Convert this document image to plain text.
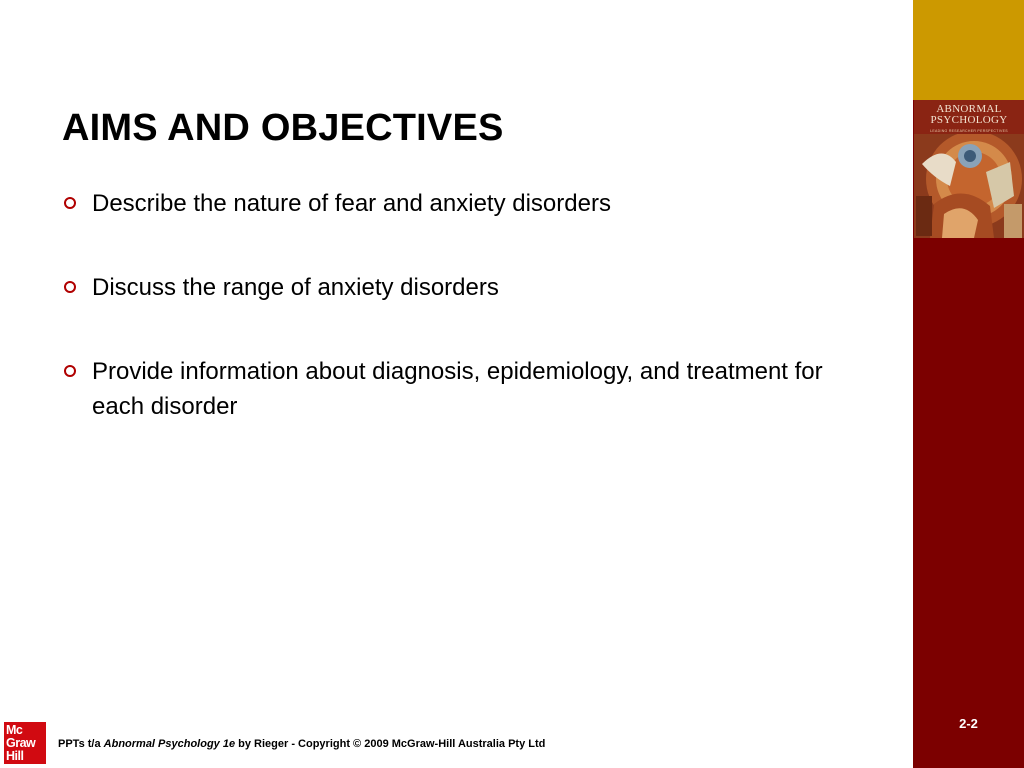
ABNORMAL
PSYCHOLOGY
LEADING RESEARCHER PERSPECTIVES
2-2
AIMS AND OBJECTIVES
Describe the nature of fear and anxiety disorders
Discuss the range of anxiety disorders
Provide information about diagnosis, epidemiology, and treatment for each disorder
Mc
Graw
Hill
PPTs t/a Abnormal Psychology 1e by Rieger - Copyright © 2009 McGraw-Hill Australia Pty Ltd
